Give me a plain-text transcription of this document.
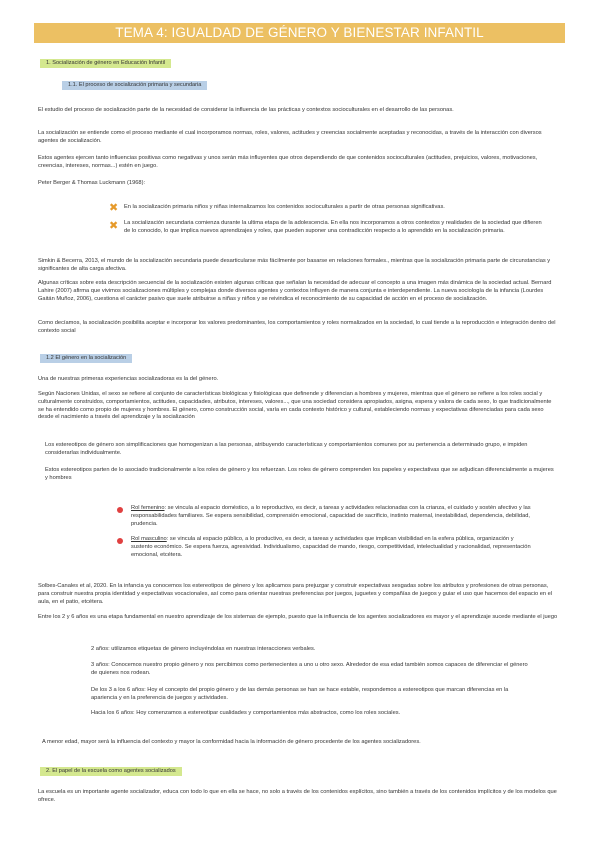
TEMA 4: IGUALDAD DE GÉNERO Y BIENESTAR INFANTIL
1. Socialización de género en Educación Infantil
1.1. El proceso de socialización primaria y secundaria

El estudio del proceso de socialización parte de la necesidad de considerar la influencia de las prácticas y contextos socioculturales en el desarrollo de las personas.

La socialización se entiende como el proceso mediante el cual incorporamos normas, roles, valores, actitudes y creencias socialmente aceptadas y reconocidas, a través de la interacción con diversos agentes de socialización.

Estos agentes ejercen tanto influencias positivas como negativas y unos serán más influyentes que otros dependiendo de que contenidos socioculturales (actitudes, prejuicios, valores, motivaciones, creencias, intereses, normas...) estén en juego.

Peter Berger & Thomas Luckmann (1968):

✖ En la socialización primaria niños y niñas internalizamos los contenidos socioculturales a partir de otras personas significativas.

✖ La socialización secundaria comienza durante la ultima etapa de la adolescencia. En ella nos incorporamos a otros contextos y realidades de la sociedad que difieren de lo conocido, lo que implica nuevos aprendizajes y roles, que pueden suponer una contradicción respecto a lo aprendido en la socialización primaria.

Simkin & Becerra, 2013, el mundo de la socialización secundaria puede desarticularse más fácilmente por basarse en relaciones formales., mientras que la socialización primaria parte de circunstancias y significantes de alta carga afectiva.

Algunas críticas sobre esta descripción secuencial de la socialización existen algunas críticas que señalan la necesidad de adecuar el concepto a una imagen más dinámica de la sociedad actual. Bernard Lahire (2007) afirma que vivimos socializaciones múltiples y complejas donde diversos agentes y contextos influyen de manera conjunta e interdependiente. La nueva sociología de la infancia (Lourdes Gaitán Muñoz, 2006), cuestiona el carácter pasivo que suele atribuirse a niñas y niños y se reivindica el reconocimiento de su capacidad de acción en el proceso de socialización.

Como decíamos, la socialización posibilita aceptar e incorporar los valores predominantes, los comportamientos y roles normalizados en la sociedad, lo cual tiende a la reproducción e integración dentro del contexto social

1.2 El género en la socialización

Una de nuestras primeras experiencias socializadoras es la del género.

Según Naciones Unidas, el sexo se refiere al conjunto de características biológicas y fisiológicas que definende y diferencian a hombres y mujeres, mientras que el género se refiere a los roles social y culturalmente construidos, comportamientos, actitudes, capacidades, atributos, intereses, valores..., que una sociedad considera apropiados, asigna, espera y valora de cada sexo, lo que tradicionalmente se ha entendido como propio de mujeres y hombres. El género, como construcción social, varía en cada contexto histórico y cultural, estableciendo normas y expectativas diferenciadas para cada sexo desde el nacimiento a través del aprendizaje y la socialización

Los estereotipos de género son simplificaciones que homogenizan a las personas, atribuyendo características y comportamientos comunes por su pertenencia a determinado grupo, e impiden considerarlas individualmente.

Estos estereotipos parten de lo asociado tradicionalmente a los roles de género y los refuerzan. Los roles de género comprenden los papeles y expectativas que se adjudican diferencialmente a mujeres y hombres

Rol femenino: se vincula al espacio doméstico, a lo reproductivo, es decir, a tareas y actividades relacionadas con la crianza, el cuidado y sostén afectivo y las responsabilidades familiares. Se espera sensibilidad, comprensión emocional, capacidad de sacrificio, instinto maternal, inestabilidad, dependencia, debilidad, prudencia.

Rol masculino: se vincula al espacio público, a lo productivo, es decir, a tareas y actividades que implican visibilidad en la esfera pública, organización y sustento económico. Se espera fuerza, agresividad. Individualismo, capacidad de mando, riesgo, competitividad, intelectualidad y racionalidad, representación emocional, etcétera.

Solbes-Canales et al, 2020. En la infancia ya conocemos los estereotipos de género y los aplicamos para prejuzgar y construir expectativas sesgadas sobre los atributos y profesiones de otras personas, para construir nuestra propia identidad y expectativas vocacionales, así como para orientar nuestras preferencias por juegos, juguetes y compañías de juegos y guiar el uso que hacemos del espacio en el aula, en el patio, etcétera.

Entre los 2 y 6 años es una etapa fundamental en nuestro aprendizaje de los sistemas de ejemplo, puesto que la influencia de los agentes socializadores es mayor y el aprendizaje sucede mediante el juego

2 años: utilizamos etiquetas de género incluyéndolas en nuestras interacciones verbales.

3 años: Conocemos nuestro propio género y nos percibimos como pertenecientes a uno u otro sexo. Alrededor de esa edad también somos capaces de diferenciar el género de quienes nos rodean.

De los 3 a los 6 años: Hoy el concepto del propio género y de las demás personas se han se hace estable, respondemos a estereotipos que marcan diferencias en la apariencia y en la preferencia de juegos y actividades.

Hacia los 6 años: Hoy comenzamos a estereotipar cualidades y comportamientos más abstractos, como los roles sociales.

A menor edad, mayor será la influencia del contexto y mayor la conformidad hacia la información de género procedente de los agentes socializadores.

2. El papel de la escuela como agentes socializados

La escuela es un importante agente socializador, educa con todo lo que en ella se hace, no solo a través de los contenidos explícitos, sino también a través de los contenidos implícitos y de los modelos que ofrece.
